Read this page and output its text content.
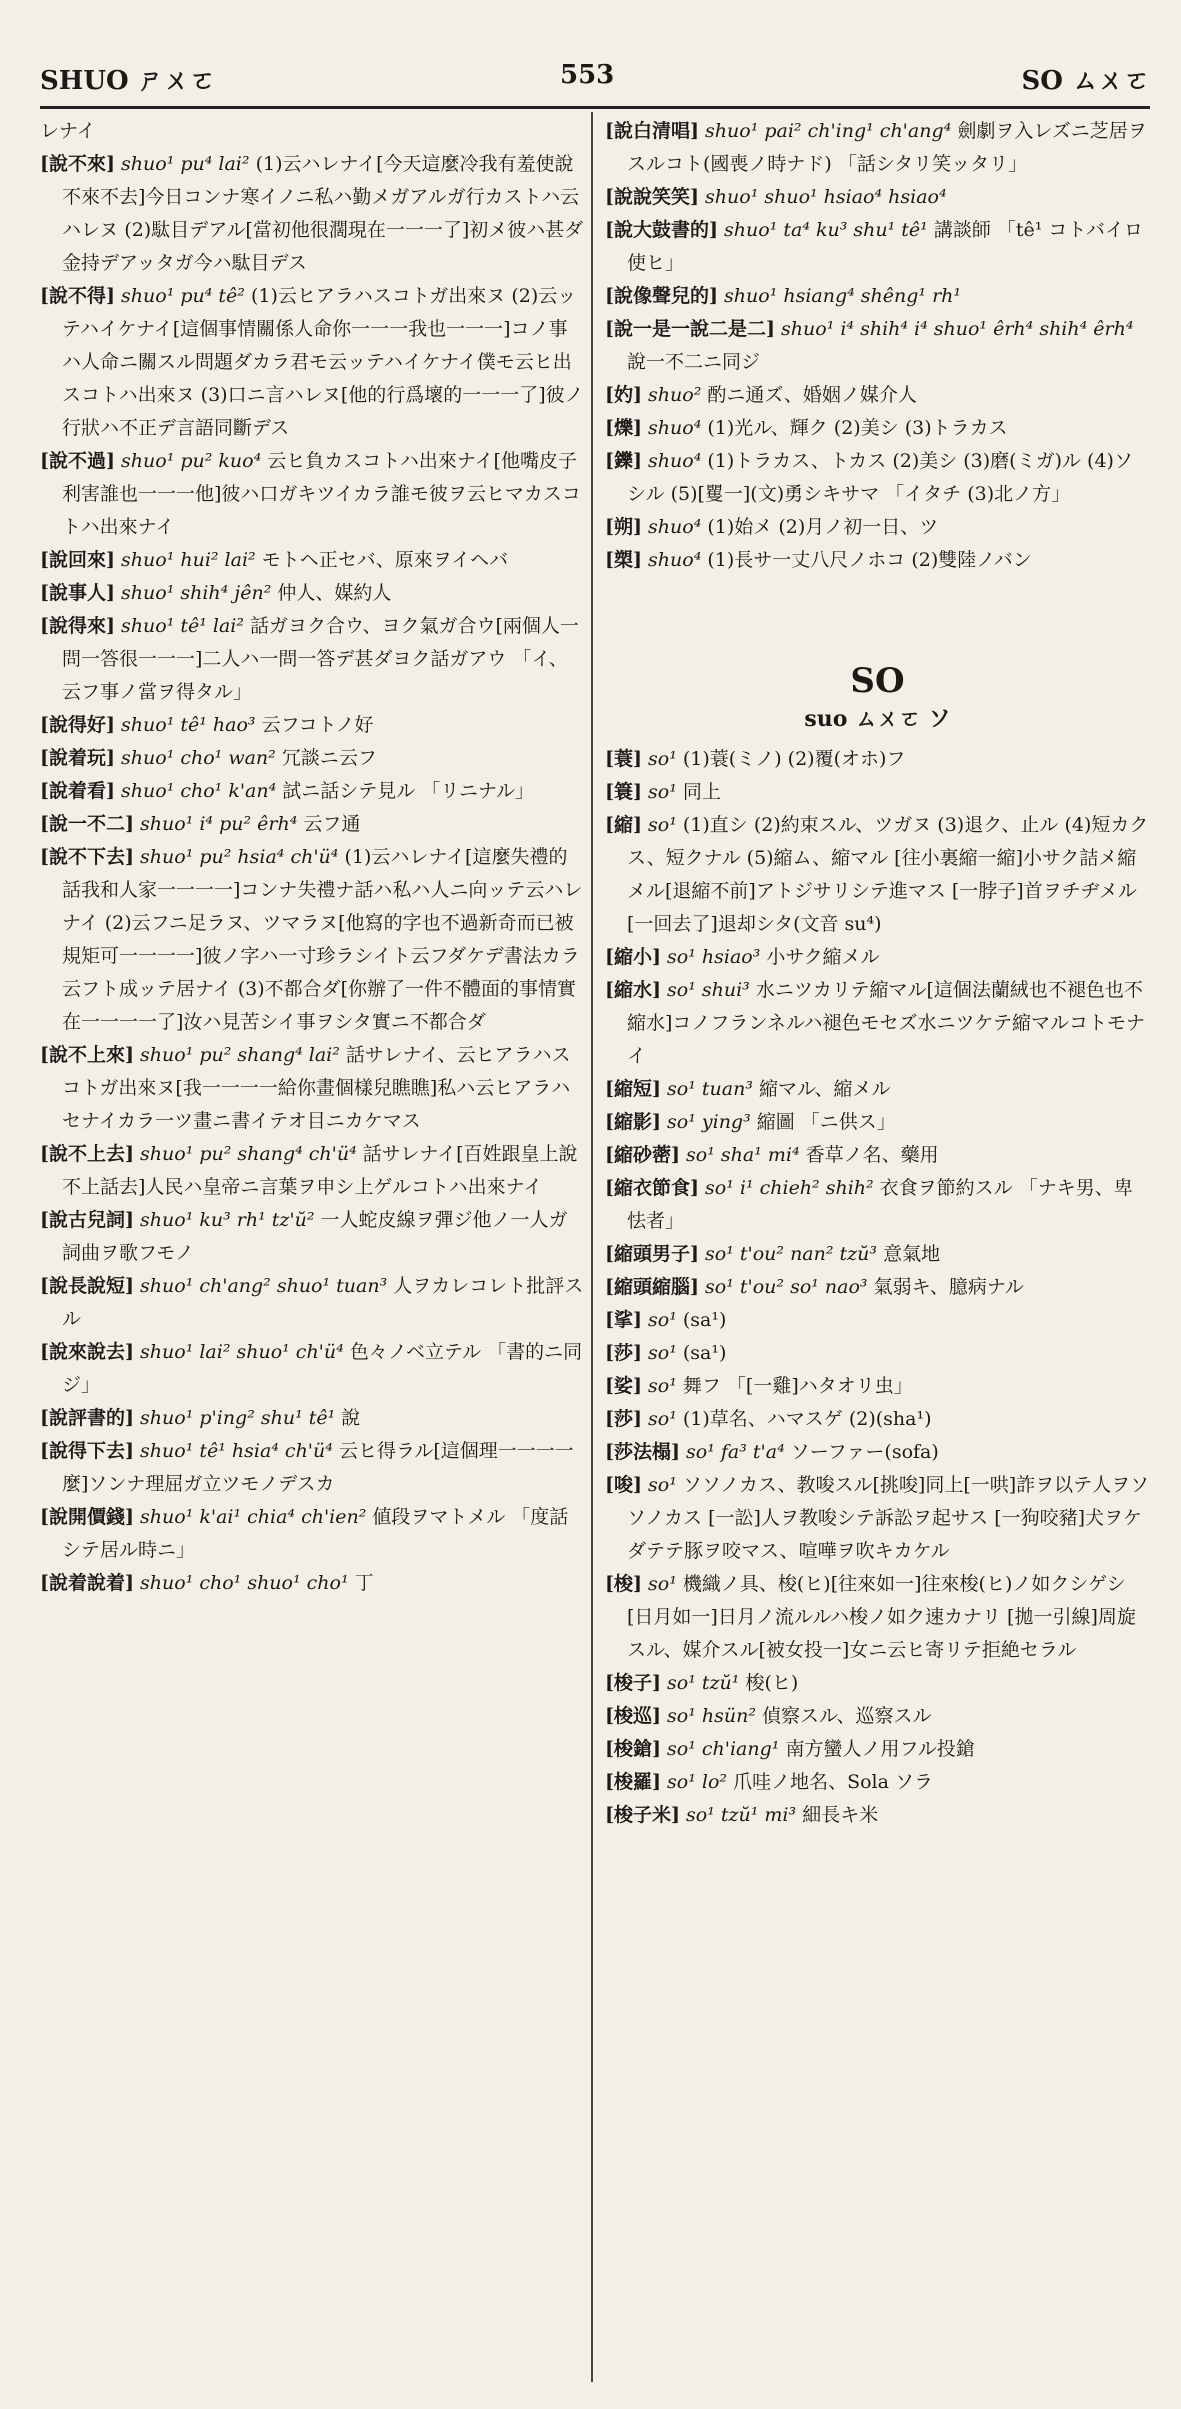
SHUO ㄕㄨㄛ	553	SO ㄙㄨㄛ

レナイ

[說不來] shuo¹ pu⁴ lai² (1)云ハレナイ[今天這麼冷我有羞使說不來不去]今日コンナ寒イノニ私ハ勤メガアルガ行カストハ云ハレヌ (2)駄目デアル[當初他很濶現在一一一了]初メ彼ハ甚ダ金持デアッタガ今ハ駄目デス

[說不得] shuo¹ pu⁴ tê² (1)云ヒアラハスコトガ出來ヌ (2)云ッテハイケナイ[這個事情關係人命你一一一我也一一一]コノ事ハ人命ニ關スル問題ダカラ君モ云ッテハイケナイ僕モ云ヒ出スコトハ出來ヌ (3)口ニ言ハレヌ[他的行爲壞的一一一了]彼ノ行狀ハ不正デ言語同斷デス

[說不過] shuo¹ pu² kuo⁴ 云ヒ負カスコトハ出來ナイ[他嘴皮子利害誰也一一一他]彼ハ口ガキツイカラ誰モ彼ヲ云ヒマカスコトハ出來ナイ

[說回來] shuo¹ hui² lai² モトヘ正セバ、原來ヲイヘバ

[說事人] shuo¹ shih⁴ jên² 仲人、媒約人

[說得來] shuo¹ tê¹ lai² 話ガヨク合ウ、ヨク氣ガ合ウ[兩個人一問一答很一一一]二人ハ一問一答デ甚ダヨク話ガアウ 「イ、云フ事ノ當ヲ得タル」

[說得好] shuo¹ tê¹ hao³ 云フコトノ好

[說着玩] shuo¹ cho¹ wan² 冗談ニ云フ

[說着看] shuo¹ cho¹ k'an⁴ 試ニ話シテ見ル 「リニナル」

[說一不二] shuo¹ i⁴ pu² êrh⁴ 云フ通

[說不下去] shuo¹ pu² hsia⁴ ch'ü⁴ (1)云ハレナイ[這麼失禮的話我和人家一一一一]コンナ失禮ナ話ハ私ハ人ニ向ッテ云ハレナイ (2)云フニ足ラヌ、ツマラヌ[他寫的字也不過新奇而已被規矩可一一一一]彼ノ字ハ一寸珍ラシイト云フダケデ書法カラ云フト成ッテ居ナイ (3)不都合ダ[你辦了一件不體面的事情實在一一一一了]汝ハ見苦シイ事ヲシタ實ニ不都合ダ

[說不上來] shuo¹ pu² shang⁴ lai² 話サレナイ、云ヒアラハスコトガ出來ヌ[我一一一一給你畫個樣兒瞧瞧]私ハ云ヒアラハセナイカラ一ツ畫ニ書イテオ目ニカケマス

[說不上去] shuo¹ pu² shang⁴ ch'ü⁴ 話サレナイ[百姓跟皇上說不上話去]人民ハ皇帝ニ言葉ヲ申シ上ゲルコトハ出來ナイ

[說古兒詞] shuo¹ ku³ rh¹ tz'ŭ² 一人蛇皮線ヲ彈ジ他ノ一人ガ詞曲ヲ歌フモノ

[說長說短] shuo¹ ch'ang² shuo¹ tuan³ 人ヲカレコレト批評スル

[說來說去] shuo¹ lai² shuo¹ ch'ü⁴ 色々ノベ立テル 「書的ニ同ジ」

[說評書的] shuo¹ p'ing² shu¹ tê¹ 說

[說得下去] shuo¹ tê¹ hsia⁴ ch'ü⁴ 云ヒ得ラル[這個理一一一一麼]ソンナ理屈ガ立ツモノデスカ

[說開價錢] shuo¹ k'ai¹ chia⁴ ch'ien² 値段ヲマトメル 「度話シテ居ル時ニ」

[說着說着] shuo¹ cho¹ shuo¹ cho¹ 丁

[說白清唱] shuo¹ pai² ch'ing¹ ch'ang⁴ 劍劇ヲ入レズニ芝居ヲスルコト(國喪ノ時ナド) 「話シタリ笑ッタリ」

[說說笑笑] shuo¹ shuo¹ hsiao⁴ hsiao⁴

[說大鼓書的] shuo¹ ta⁴ ku³ shu¹ tê¹ 講談師 「tê¹ コトバイロ使ヒ」

[說像聲兒的] shuo¹ hsiang⁴ shêng¹ rh¹

[說一是一說二是二] shuo¹ i⁴ shih⁴ i⁴ shuo¹ êrh⁴ shih⁴ êrh⁴ 說一不二ニ同ジ

[妁] shuo² 酌ニ通ズ、婚姻ノ媒介人

[爍] shuo⁴ (1)光ル、輝ク (2)美シ (3)トラカス

[鑠] shuo⁴ (1)トラカス、トカス (2)美シ (3)磨(ミガ)ル (4)ソシル (5)[矍一](文)勇シキサマ 「イタチ (3)北ノ方」

[朔] shuo⁴ (1)始メ (2)月ノ初一日、ツ

[槊] shuo⁴ (1)長サ一丈八尺ノホコ (2)雙陸ノバン

SO
suo ㄙㄨㄛ ソ

[蓑] so¹ (1)蓑(ミノ) (2)覆(オホ)フ

[簑] so¹ 同上

[縮] so¹ (1)直シ (2)約束スル、ツガヌ (3)退ク、止ル (4)短カクス、短クナル (5)縮ム、縮マル [往小裏縮一縮]小サク詰メ縮メル[退縮不前]アトジサリシテ進マス [一脖子]首ヲチヂメル[一回去了]退却シタ(文音 su⁴)

[縮小] so¹ hsiao³ 小サク縮メル

[縮水] so¹ shui³ 水ニツカリテ縮マル[這個法蘭絨也不褪色也不縮水]コノフランネルハ褪色モセズ水ニツケテ縮マルコトモナイ

[縮短] so¹ tuan³ 縮マル、縮メル

[縮影] so¹ ying³ 縮圖 「ニ供ス」

[縮砂蔤] so¹ sha¹ mi⁴ 香草ノ名、藥用

[縮衣節食] so¹ i¹ chieh² shih² 衣食ヲ節約スル 「ナキ男、卑怯者」

[縮頭男子] so¹ t'ou² nan² tzŭ³ 意氣地

[縮頭縮腦] so¹ t'ou² so¹ nao³ 氣弱キ、臆病ナル

[挲] so¹ (sa¹)

[莎] so¹ (sa¹)

[娑] so¹ 舞フ 「[一雞]ハタオリ虫」

[莎] so¹ (1)草名、ハマスゲ (2)(sha¹)

[莎法榻] so¹ fa³ t'a⁴ ソーファー(sofa)

[唆] so¹ ソソノカス、教唆スル[挑唆]同上[一哄]詐ヲ以テ人ヲソソノカス [一訟]人ヲ教唆シテ訴訟ヲ起サス [一狗咬豬]犬ヲケダテテ豚ヲ咬マス、喧嘩ヲ吹キカケル

[梭] so¹ 機織ノ具、梭(ヒ)[往來如一]往來梭(ヒ)ノ如クシゲシ[日月如一]日月ノ流ルルハ梭ノ如ク速カナリ [拋一引線]周旋スル、媒介スル[被女投一]女ニ云ヒ寄リテ拒絶セラル

[梭子] so¹ tzŭ¹ 梭(ヒ)

[梭巡] so¹ hsün² 偵察スル、巡察スル

[梭鎗] so¹ ch'iang¹ 南方蠻人ノ用フル投鎗

[梭羅] so¹ lo² 爪哇ノ地名、Sola ソラ

[梭子米] so¹ tzŭ¹ mi³ 細長キ米
